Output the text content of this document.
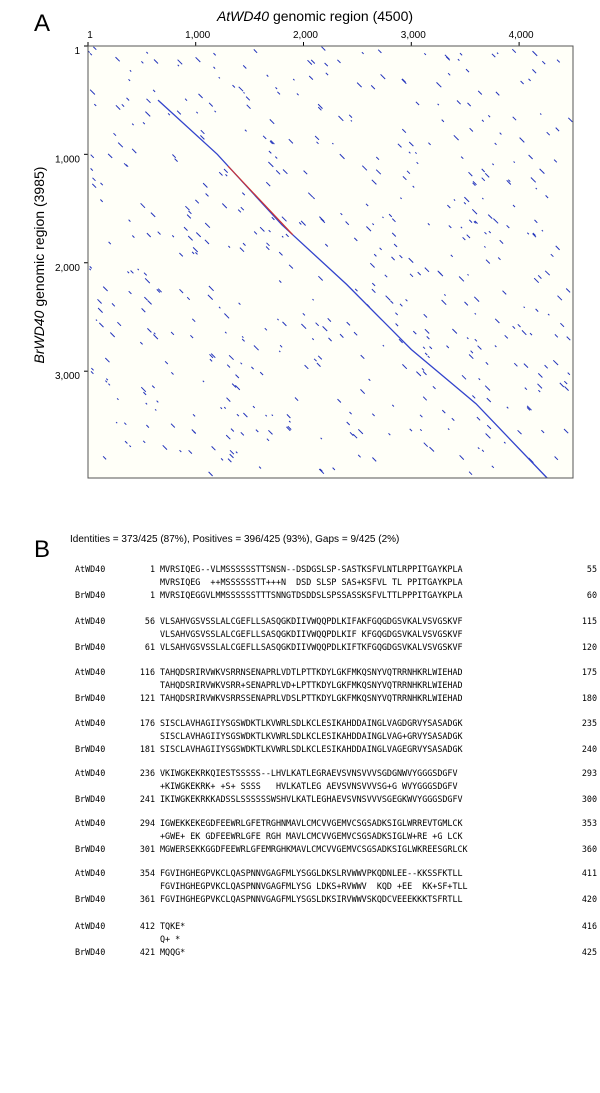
A
B
AtWD40 genomic region (4500)
BrWD40 genomic region (3985)
1	1,000	2,000	3,000	4,000
1
1,000
2,000
3,000
Identities = 373/425 (87%), Positives = 396/425 (93%), Gaps = 9/425 (2%)
AtWD40	1 MVRSIQEG--VLMSSSSSSTTSNSN--DSDGSLSP-SASTKSFVLNTLRPPITGAYKPLA	55
MVRSIQEG  ++MSSSSSSTT+++N  DSD SLSP SAS+KSFVL TL PPITGAYKPLA
BrWD40	1 MVRSIQEGGVLMMSSSSSSTTTSNNGTDSDDSLSPSSASSKSFVLTTLPPPITGAYKPLA	60
AtWD40	56 VLSAHVGSVSSLALCGEFLLSASQGKDIIVWQQPDLKIFAKFGQGDGSVKALVSVGSKVF	115
VLSAHVGSVSSLALCGEFLLSASQGKDIIVWQQPDLKIF KFGQGDGSVKALVSVGSKVF
BrWD40	61 VLSAHVGSVSSLALCGEFLLSASQGKDIIVWQQPDLKIFTKFGQGDGSVKALVSVGSKVF	120
AtWD40	116 TAHQDSRIRVWKVSRRNSENAPRLVDTLPTTKDYLGKFMKQSNYVQTRRNHKRLWIEHAD	175
TAHQDSRIRVWKVSRR+SENAPRLVD+LPTTKDYLGKFMKQSNYVQTRRNHKRLWIEHAD
BrWD40	121 TAHQDSRIRVWKVSRRSSENAPRLVDSLPTTKDYLGKFMKQSNYVQTRRNHKRLWIEHAD	180
AtWD40	176 SISCLAVHAGIIYSGSWDKTLKVWRLSDLKCLESIKAHDDAINGLVAGDGRVYSASADGK	235
SISCLAVHAGIIYSGSWDKTLKVWRLSDLKCLESIKAHDDAINGLVAG+GRVYSASADGK
BrWD40	181 SISCLAVHAGIIYSGSWDKTLKVWRLSDLKCLESIKAHDDAINGLVAGEGRVYSASADGK	240
AtWD40	236 VKIWGKEKRKQIESTSSSSS--LHVLKATLEGRAEVSVNSVVVSGDGNWVYGGGSDGFV	293
+KIWGKEKRK+ +S+ SSSS   HVLKATLEG AEVSVNSVVVSG+G WVYGGGSDGFV
BrWD40	241 IKIWGKEKRKKADSSLSSSSSSWSHVLKATLEGHAEVSVNSVVVSGEGKWVYGGGSDGFV	300
AtWD40	294 IGWEKKEKEGDFEEWRLGFETRGHNMAVLCMCVVGEMVCSGSADKSIGLWRREVTGMLCK	353
+GWE+ EK GDFEEWRLGFE RGH MAVLCMCVVGEMVCSGSADKSIGLW+RE +G LCK
BrWD40	301 MGWERSEKKGGDFEEWRLGFEMRGHKMAVLCMCVVGEMVCSGSADKSIGLWKREESGRLCK	360
AtWD40	354 FGVIHGHEGPVKCLQASPNNVGAGFMLYSGGLDKSLRVWWVPKQDNLEE--KKSSFKTLL	411
FGVIHGHEGPVKCLQASPNNVGAGFMLYSG LDKS+RVWWV  KQD +EE  KK+SF+TLL
BrWD40	361 FGVIHGHEGPVKCLQASPNNVGAGFMLYSGSLDKSIRVWWVSKQDCVEEEKKKTSFRTLL	420
AtWD40	412 TQKE*	416
Q+ *
BrWD40	421 MQQG*	425
